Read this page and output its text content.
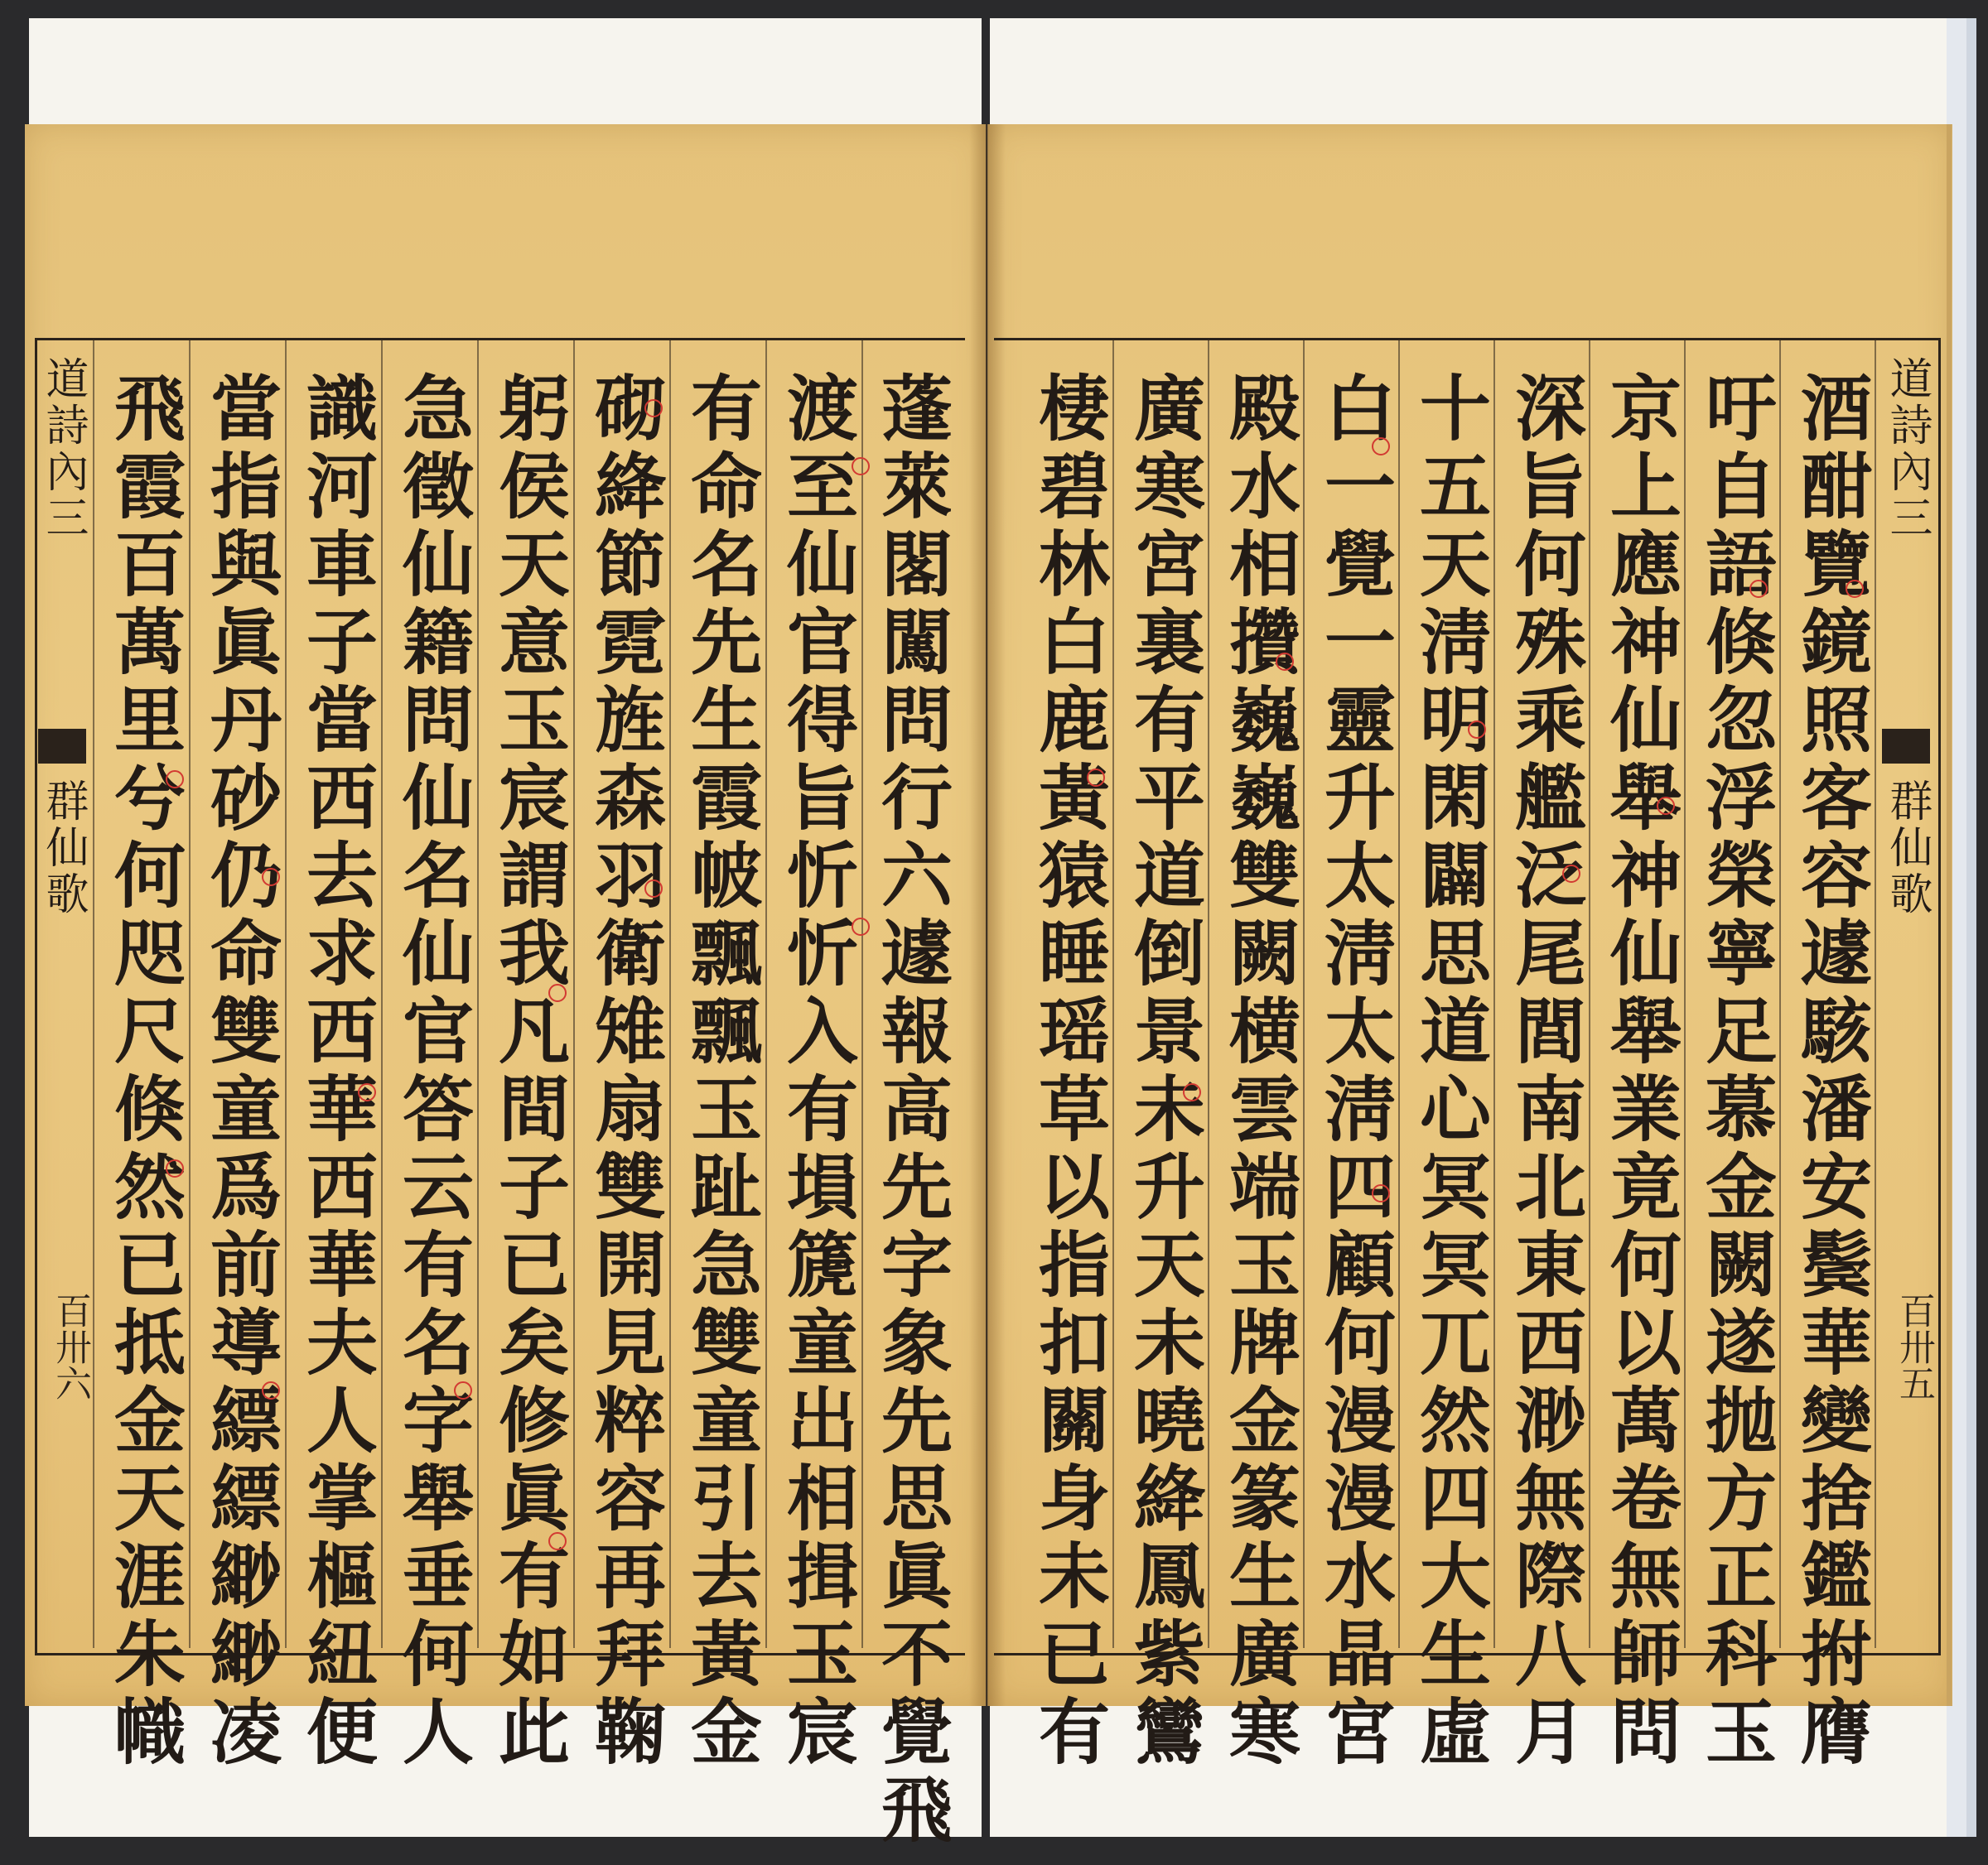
道詩內三
群仙歌
百卅六	蓬萊閣闖問行六遽報高先字象先思眞不覺飛
渡至仙官得旨忻忻入有塤篪童出相揖玉宸
有命名先生霞帔飄飄玉趾急雙童引去黃金
砌絳節霓旌森羽衛雉扇雙開見粹容再拜鞠
躬侯天意玉宸謂我凡間子已矣修眞有如此
急徵仙籍問仙名仙官答云有名字舉垂何人
識河車子當西去求西華西華夫人掌樞紐便
當指與眞丹砂仍命雙童爲前導縹縹緲緲凌
飛霞百萬里兮何咫尺倏然已抵金天涯朱幟	酒酣覽鏡照客容遽駭潘安鬓華變捨鑑拊膺
吁自語倏忽浮榮寧足慕金闕遂抛方正科玉
京上應神仙舉神仙舉業竟何以萬卷無師問
深旨何殊乘艦泛尾閭南北東西渺無際八月
十五天淸明閑闢思道心冥冥兀然四大生虛
白一覺一靈升太淸太淸四顧何漫漫水晶宮
殿水相攢巍巍雙闕横雲端玉牌金篆生廣寒
廣寒宮裏有平道倒景未升天未曉絳鳳紫鸞
棲碧林白鹿黃猿睡瑶草以指扣關身未已有	道詩內三
群仙歌
百卅五
